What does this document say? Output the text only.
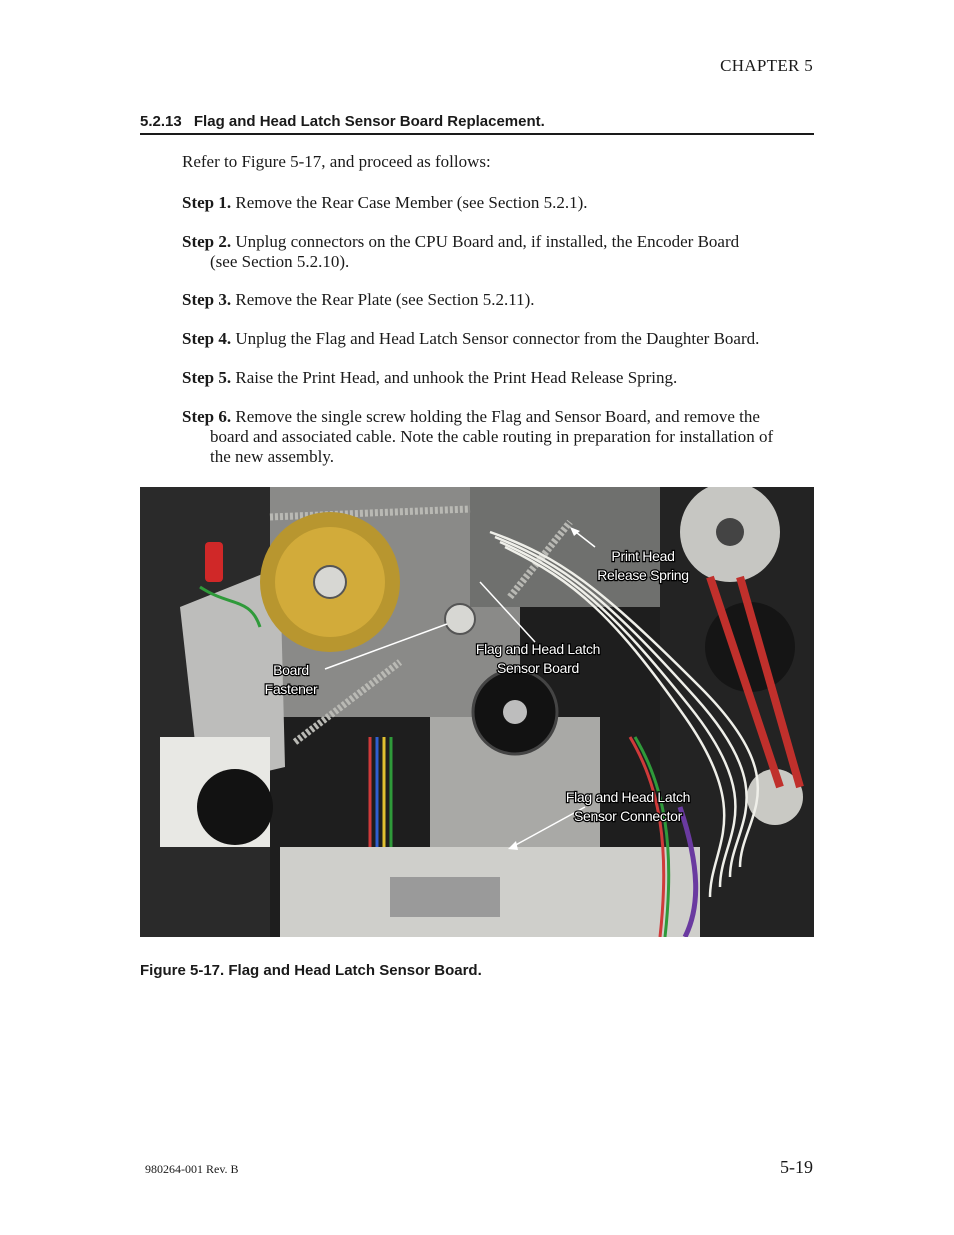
CHAPTER 5
5.2.13 Flag and Head Latch Sensor Board Replacement.
Refer to Figure 5-17, and proceed as follows:
Step 1. Remove the Rear Case Member (see Section 5.2.1).
Step 2. Unplug connectors on the CPU Board and, if installed, the Encoder Board
(see Section 5.2.10).
Step 3. Remove the Rear Plate (see Section 5.2.11).
Step 4. Unplug the Flag and Head Latch Sensor connector from the Daughter Board.
Step 5. Raise the Print Head, and unhook the Print Head Release Spring.
Step 6. Remove the single screw holding the Flag and Sensor Board, and remove the
board and associated cable. Note the cable routing in preparation for installation of
the new assembly.
Print Head
Release Spring
Board
Fastener
Flag and Head Latch
Sensor Board
Flag and Head Latch
Sensor Connector
Figure 5-17. Flag and Head Latch Sensor Board.
980264-001 Rev. B	5-19
